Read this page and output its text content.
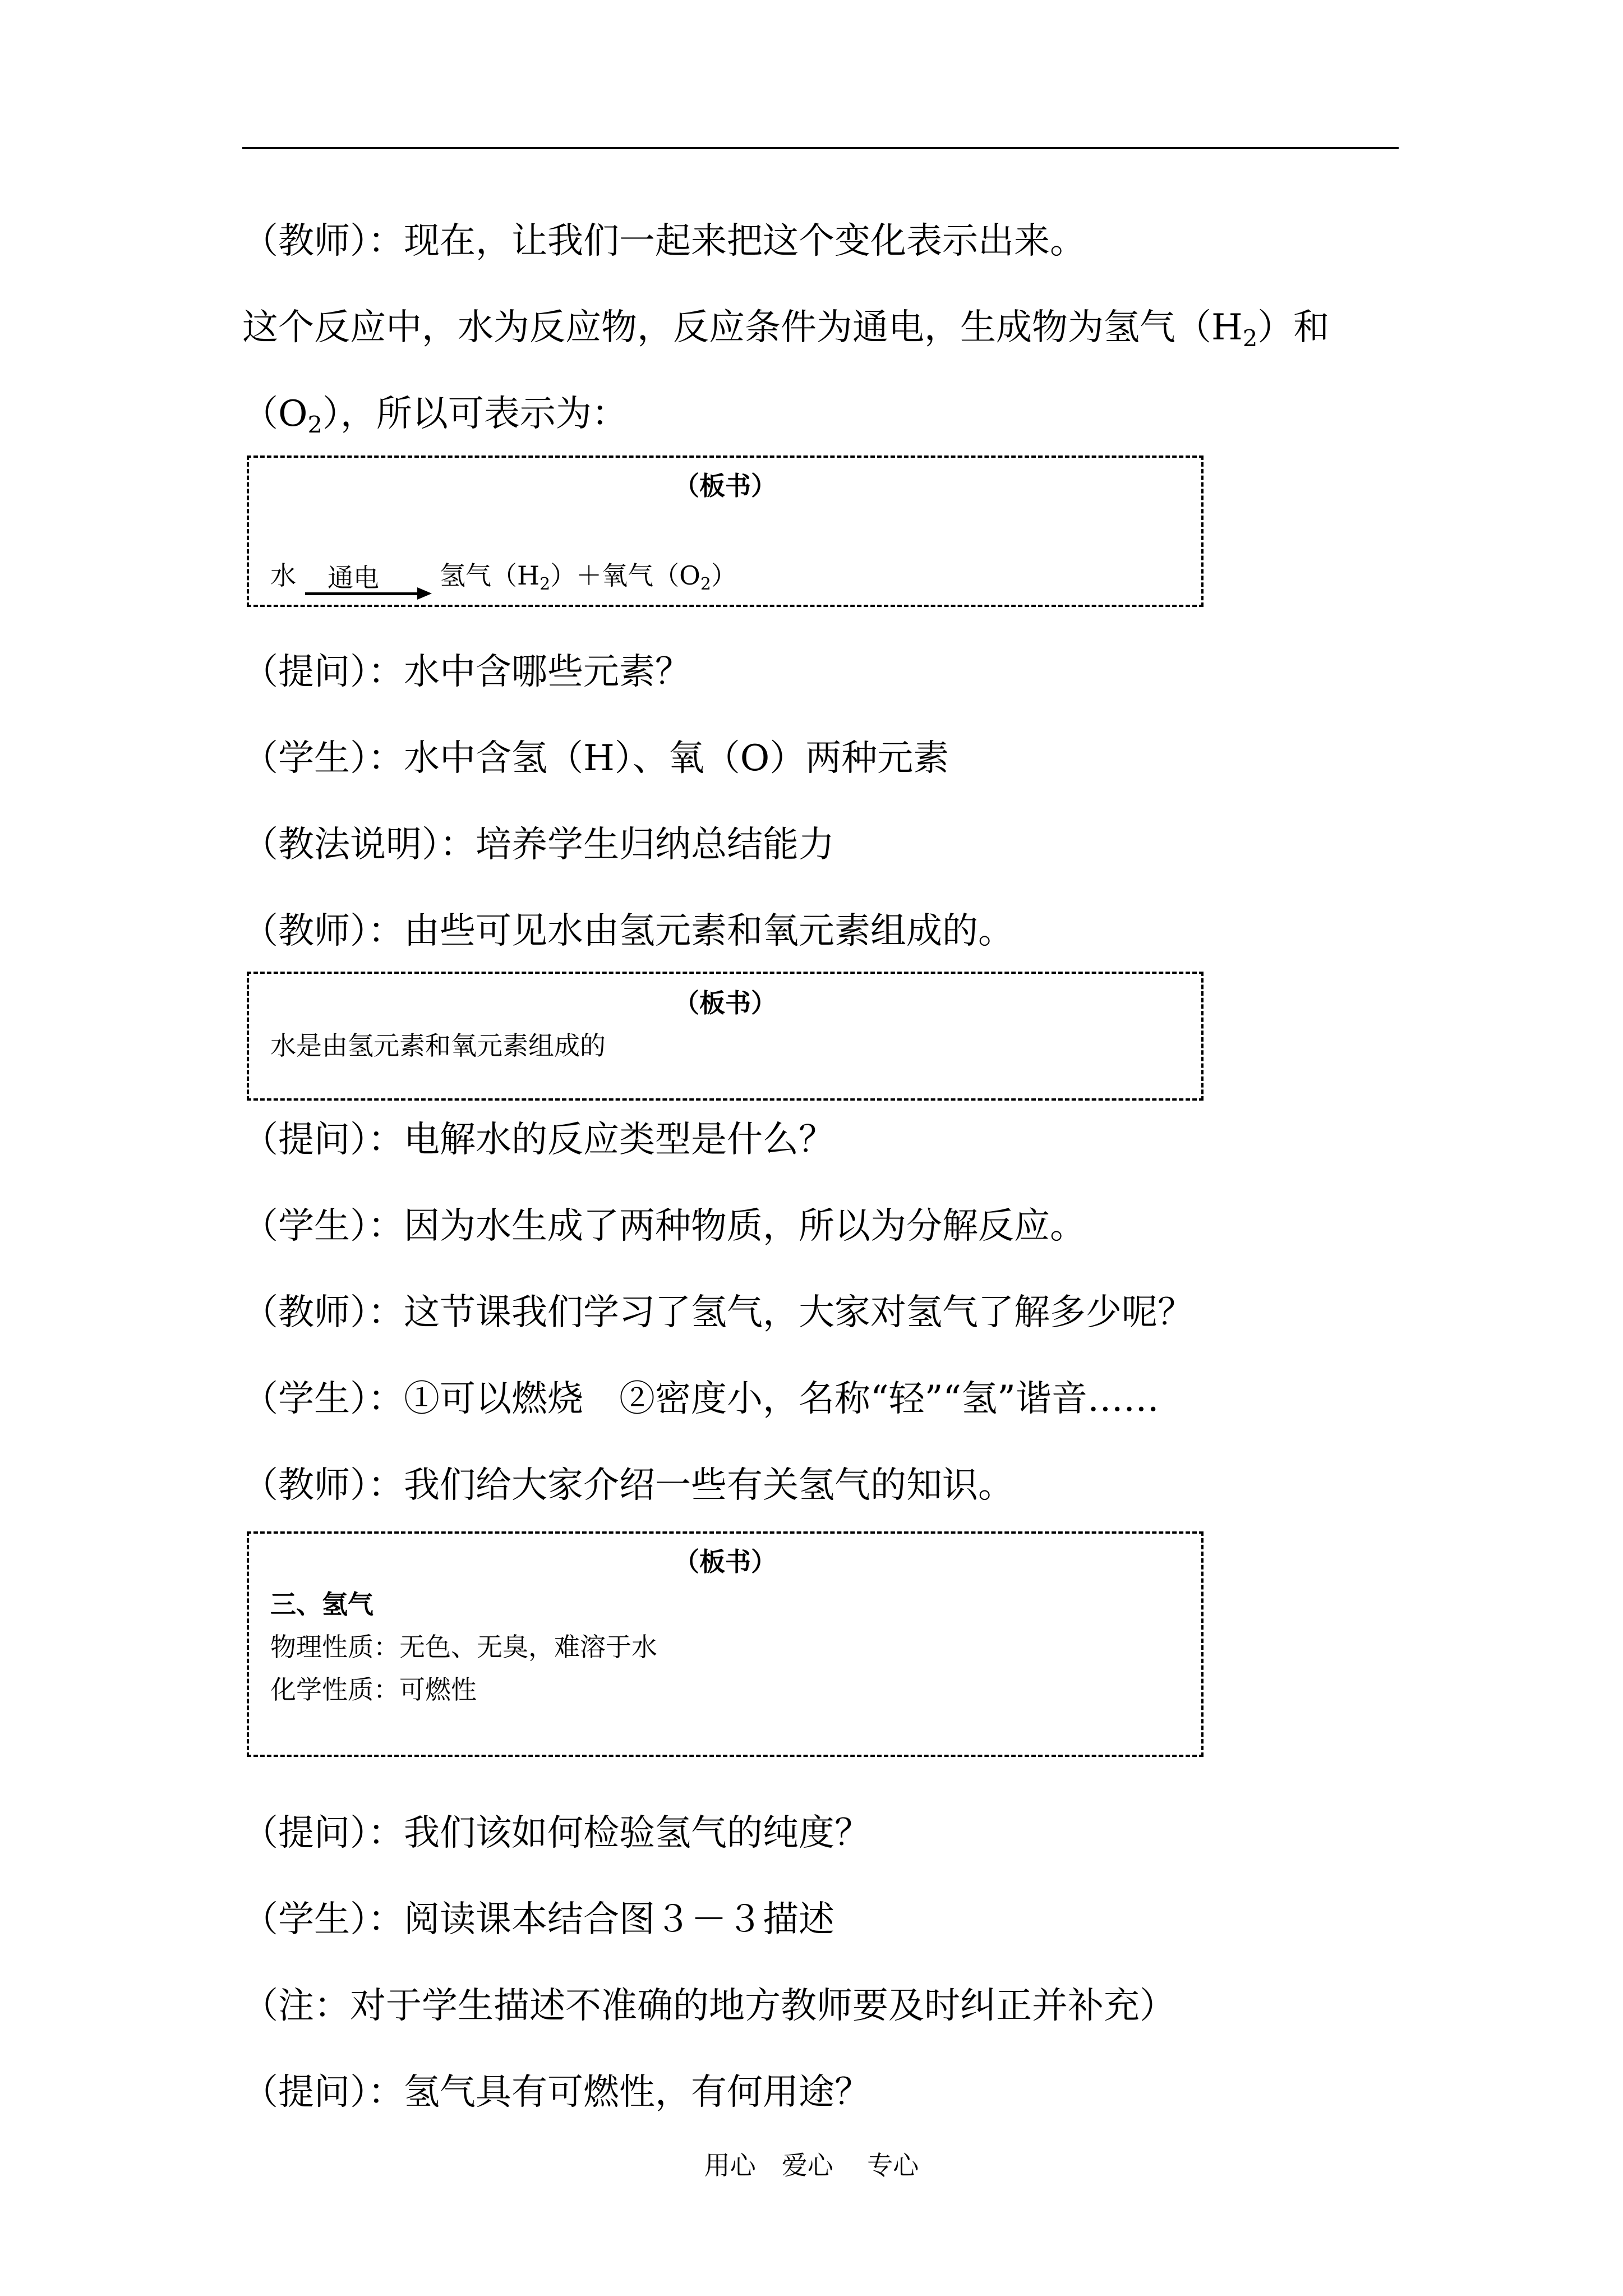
（教师）：现在，让我们一起来把这个变化表示出来。
这个反应中，水为反应物，反应条件为通电，生成物为氢气$(H_2)$和
$(O_2)$，所以可表示为：
（板书）
水 通电 氢气$(H_2)+$氧气$(O_2)$
（提问）：水中含哪些元素？
（学生）：水中含氢（H）、氧（O）两种元素
（教法说明）：培养学生归纳总结能力
（教师）：由些可见水由氢元素和氧元素组成的。
（板书）
水是由氢元素和氧元素组成的
（提问）：电解水的反应类型是什么？
（学生）：因为水生成了两种物质，所以为分解反应。
（教师）：这节课我们学习了氢气，大家对氢气了解多少呢？
（学生）：①可以燃烧　②密度小，名称“轻”“氢”谐音……
（教师）：我们给大家介绍一些有关氢气的知识。
（板书）
三、氢气
物理性质：无色、无臭，难溶于水
化学性质：可燃性
（提问）：我们该如何检验氢气的纯度？
（学生）：阅读课本结合图３－３描述
（注：对于学生描述不准确的地方教师要及时纠正并补充）
（提问）：氢气具有可燃性，有何用途？
用心　爱心　 专心
